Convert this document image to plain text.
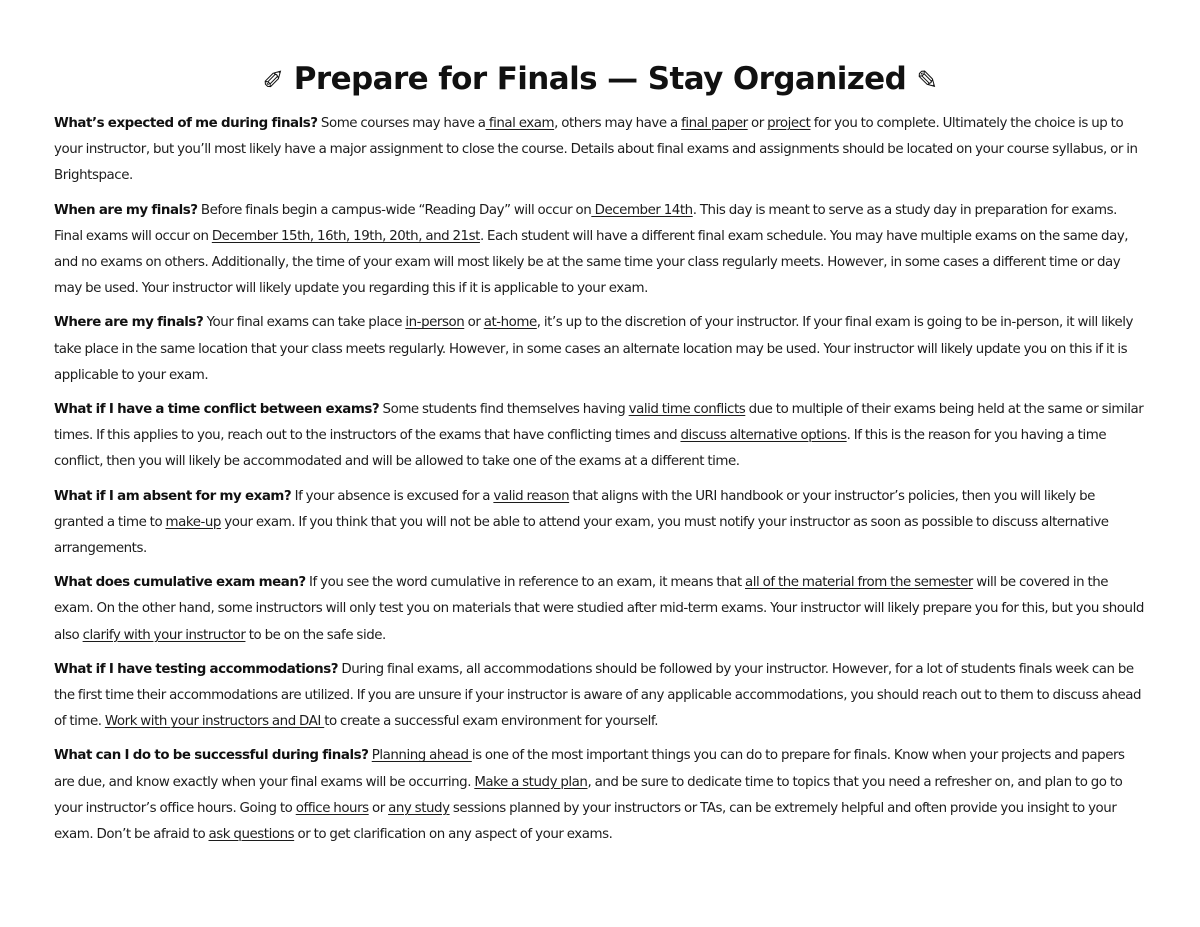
✐ Prepare for Finals — Stay Organized ✎

What’s expected of me during finals? Some courses may have a final exam, others may have a final paper or project for you to complete. Ultimately the choice is up to your instructor, but you’ll most likely have a major assignment to close the course. Details about final exams and assignments should be located on your course syllabus, or in Brightspace.

When are my finals? Before finals begin a campus-wide “Reading Day” will occur on December 14th. This day is meant to serve as a study day in preparation for exams. Final exams will occur on December 15th, 16th, 19th, 20th, and 21st. Each student will have a different final exam schedule. You may have multiple exams on the same day, and no exams on others. Additionally, the time of your exam will most likely be at the same time your class regularly meets. However, in some cases a different time or day may be used. Your instructor will likely update you regarding this if it is applicable to your exam.

Where are my finals? Your final exams can take place in-person or at-home, it’s up to the discretion of your instructor. If your final exam is going to be in-person, it will likely take place in the same location that your class meets regularly. However, in some cases an alternate location may be used. Your instructor will likely update you on this if it is applicable to your exam.

What if I have a time conflict between exams? Some students find themselves having valid time conflicts due to multiple of their exams being held at the same or similar times. If this applies to you, reach out to the instructors of the exams that have conflicting times and discuss alternative options. If this is the reason for you having a time conflict, then you will likely be accommodated and will be allowed to take one of the exams at a different time.

What if I am absent for my exam? If your absence is excused for a valid reason that aligns with the URI handbook or your instructor’s policies, then you will likely be granted a time to make-up your exam. If you think that you will not be able to attend your exam, you must notify your instructor as soon as possible to discuss alternative arrangements.

What does cumulative exam mean? If you see the word cumulative in reference to an exam, it means that all of the material from the semester will be covered in the exam. On the other hand, some instructors will only test you on materials that were studied after mid-term exams. Your instructor will likely prepare you for this, but you should also clarify with your instructor to be on the safe side.

What if I have testing accommodations? During final exams, all accommodations should be followed by your instructor. However, for a lot of students finals week can be the first time their accommodations are utilized. If you are unsure if your instructor is aware of any applicable accommodations, you should reach out to them to discuss ahead of time. Work with your instructors and DAI to create a successful exam environment for yourself.

What can I do to be successful during finals? Planning ahead is one of the most important things you can do to prepare for finals. Know when your projects and papers are due, and know exactly when your final exams will be occurring. Make a study plan, and be sure to dedicate time to topics that you need a refresher on, and plan to go to your instructor’s office hours. Going to office hours or any study sessions planned by your instructors or TAs, can be extremely helpful and often provide you insight to your exam. Don’t be afraid to ask questions or to get clarification on any aspect of your exams.
